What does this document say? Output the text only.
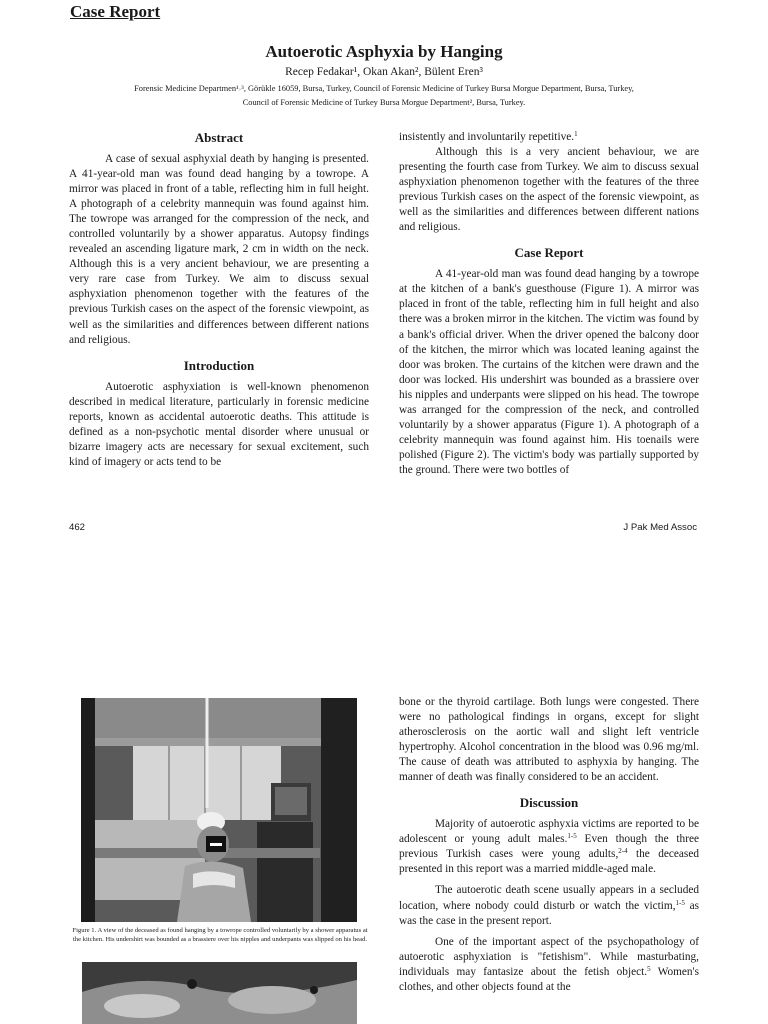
Case Report
Autoerotic Asphyxia by Hanging
Recep Fedakar¹, Okan Akan², Bülent Eren³
Forensic Medicine Departmen¹˒³, Görükle 16059, Bursa, Turkey, Council of Forensic Medicine of Turkey Bursa Morgue Department, Bursa, Turkey,
Council of Forensic Medicine of Turkey Bursa Morgue Department², Bursa, Turkey.
Abstract

A case of sexual asphyxial death by hanging is presented. A 41-year-old man was found dead hanging by a towrope. A mirror was placed in front of a table, reflecting him in full height. A photograph of a celebrity mannequin was found against him. The towrope was arranged for the compression of the neck, and controlled voluntarily by a shower apparatus. Autopsy findings revealed an ascending ligature mark, 2 cm in width on the neck. Although this is a very ancient behaviour, we are presenting a very rare case from Turkey. We aim to discuss sexual asphyxiation phenomenon together with the features of the previous Turkish cases on the aspect of the forensic viewpoint, as well as the similarities and differences between different nations and religious.

Introduction

Autoerotic asphyxiation is well-known phenomenon described in medical literature, particularly in forensic medicine reports, known as accidental autoerotic deaths. This attitude is defined as a non-psychotic mental disorder where unusual or bizarre imagery acts are necessary for sexual excitement, such kind of imagery or acts tend to be

insistently and involuntarily repetitive.$^1$

Although this is a very ancient behaviour, we are presenting the fourth case from Turkey. We aim to discuss sexual asphyxiation phenomenon together with the features of the three previous Turkish cases on the aspect of the forensic viewpoint, as well as the similarities and differences between different nations and religious.

Case Report

A 41-year-old man was found dead hanging by a towrope at the kitchen of a bank's guesthouse (Figure 1). A mirror was placed in front of the table, reflecting him in full height and also there was a broken mirror in the kitchen. The victim was found by a bank's official driver. When the driver opened the balcony door of the kitchen, the mirror which was located leaning against the door was broken. The curtains of the kitchen were drawn and the door was locked. His undershirt was bounded as a brassiere over his nipples and underpants were slipped on his head. The towrope was arranged for the compression of the neck, and controlled voluntarily by a shower apparatus (Figure 1). A photograph of a celebrity mannequin was found against him. His toenails were polished (Figure 2). The victim's body was partially supported by the ground. There were two bottles of

462	J Pak Med Assoc
Figure 1. A view of the deceased as found hanging by a towrope controlled voluntarily by a shower apparatus at the kitchen. His undershirt was bounded as a brassiere over his nipples and underpants was slipped on his head.

bone or the thyroid cartilage. Both lungs were congested. There were no pathological findings in organs, except for slight atherosclerosis on the aortic wall and slight left ventricle hypertrophy. Alcohol concentration in the blood was 0.96 mg/ml. The cause of death was attributed to asphyxia by hanging. The manner of death was finally considered to be an accident.

Discussion

Majority of autoerotic asphyxia victims are reported to be adolescent or young adult males.$^{1-5}$ Even though the three previous Turkish cases were young adults,$^{2-4}$ the deceased presented in this report was a married middle-aged male.

The autoerotic death scene usually appears in a secluded location, where nobody could disturb or watch the victim,$^{1-5}$ as was the case in the present report.

One of the important aspect of the psychopathology of autoerotic asphyxiation is "fetishism". While masturbating, individuals may fantasize about the fetish object.$^5$ Women's clothes, and other objects found at the
